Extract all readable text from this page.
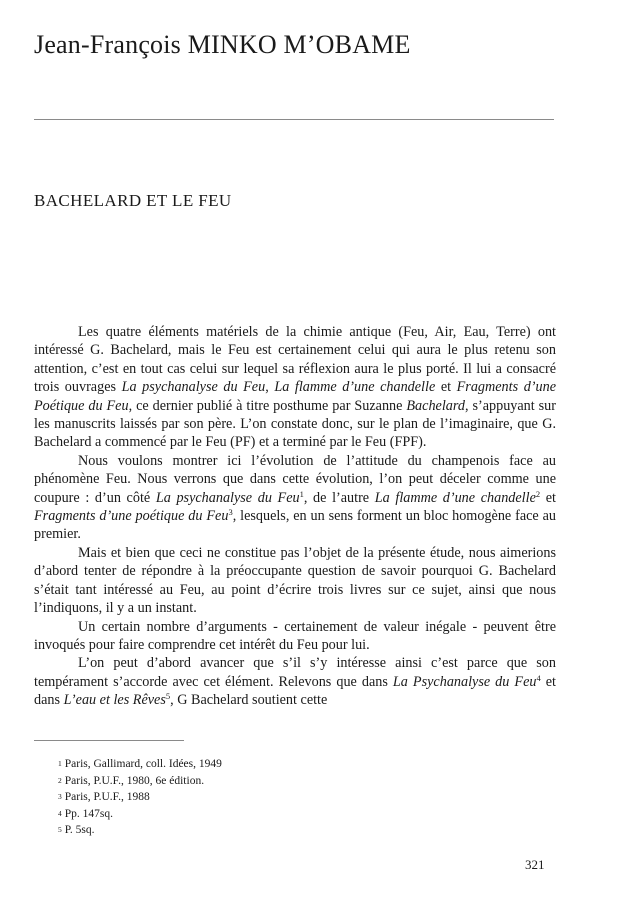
Jean-François MINKO M’OBAME
BACHELARD ET LE FEU

Les quatre éléments matériels de la chimie antique (Feu, Air, Eau, Terre) ont intéressé G. Bachelard, mais le Feu est certainement celui qui aura le plus retenu son attention, c’est en tout cas celui sur lequel sa réflexion aura le plus porté. Il lui a consacré trois ouvrages La psychanalyse du Feu, La flamme d’une chandelle et Fragments d’une Poétique du Feu, ce dernier publié à titre posthume par Suzanne Bachelard, s’appuyant sur les manuscrits laissés par son père. L’on constate donc, sur le plan de l’imaginaire, que G. Bachelard a commencé par le Feu (PF) et a terminé par le Feu (FPF).

Nous voulons montrer ici l’évolution de l’attitude du champenois face au phénomène Feu. Nous verrons que dans cette évolution, l’on peut déceler comme une coupure : d’un côté La psychanalyse du Feu$^1$, de l’autre La flamme d’une chandelle$^2$ et Fragments d’une poétique du Feu$^3$, lesquels, en un sens forment un bloc homogène face au premier.

Mais et bien que ceci ne constitue pas l’objet de la présente étude, nous aimerions d’abord tenter de répondre à la préoccupante question de savoir pourquoi G. Bachelard s’était tant intéressé au Feu, au point d’écrire trois livres sur ce sujet, ainsi que nous l’indiquons, il y a un instant.

Un certain nombre d’arguments - certainement de valeur inégale - peuvent être invoqués pour faire comprendre cet intérêt du Feu pour lui.

L’on peut d’abord avancer que s’il s’y intéresse ainsi c’est parce que son tempérament s’accorde avec cet élément. Relevons que dans La Psychanalyse du Feu$^4$ et dans L’eau et les Rêves$^5$, G Bachelard soutient cette

$^1$ Paris, Gallimard, coll. Idées, 1949
$^2$ Paris, P.U.F., 1980, 6e édition.
$^3$ Paris, P.U.F., 1988
$^4$ Pp. 147sq.
$^5$ P. 5sq.
321
